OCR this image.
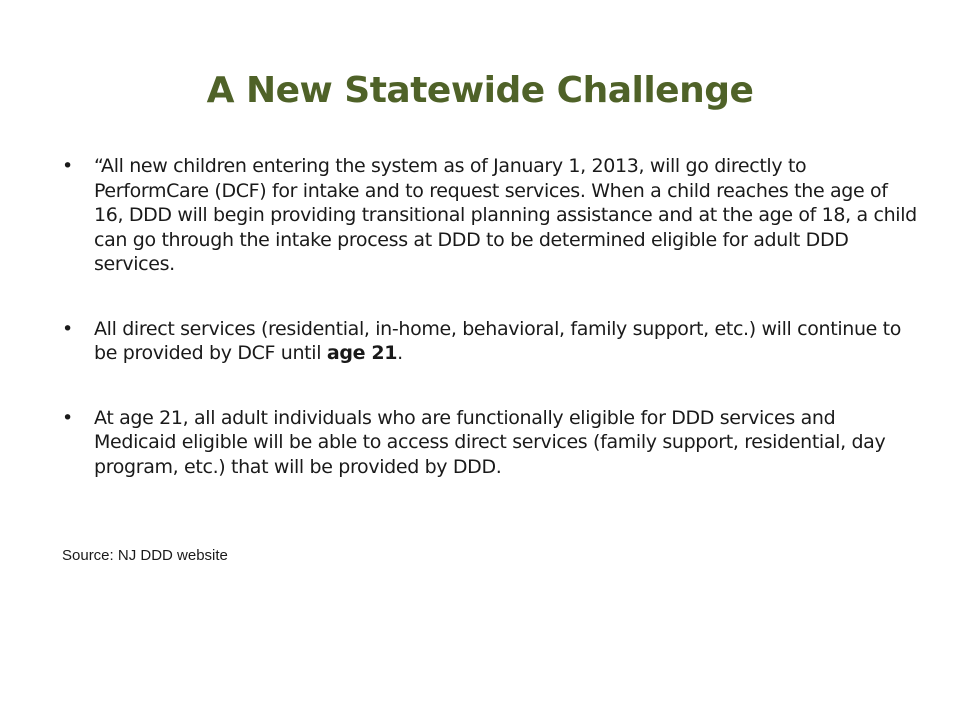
A New Statewide Challenge
• “All new children entering the system as of January 1, 2013, will go directly to PerformCare (DCF) for intake and to request services. When a child reaches the age of 16, DDD will begin providing transitional planning assistance and at the age of 18, a child can go through the intake process at DDD to be determined eligible for adult DDD services.
• All direct services (residential, in-home, behavioral, family support, etc.) will continue to be provided by DCF until age 21.
• At age 21, all adult individuals who are functionally eligible for DDD services and Medicaid eligible will be able to access direct services (family support, residential, day program, etc.) that will be provided by DDD.

Source: NJ DDD website
